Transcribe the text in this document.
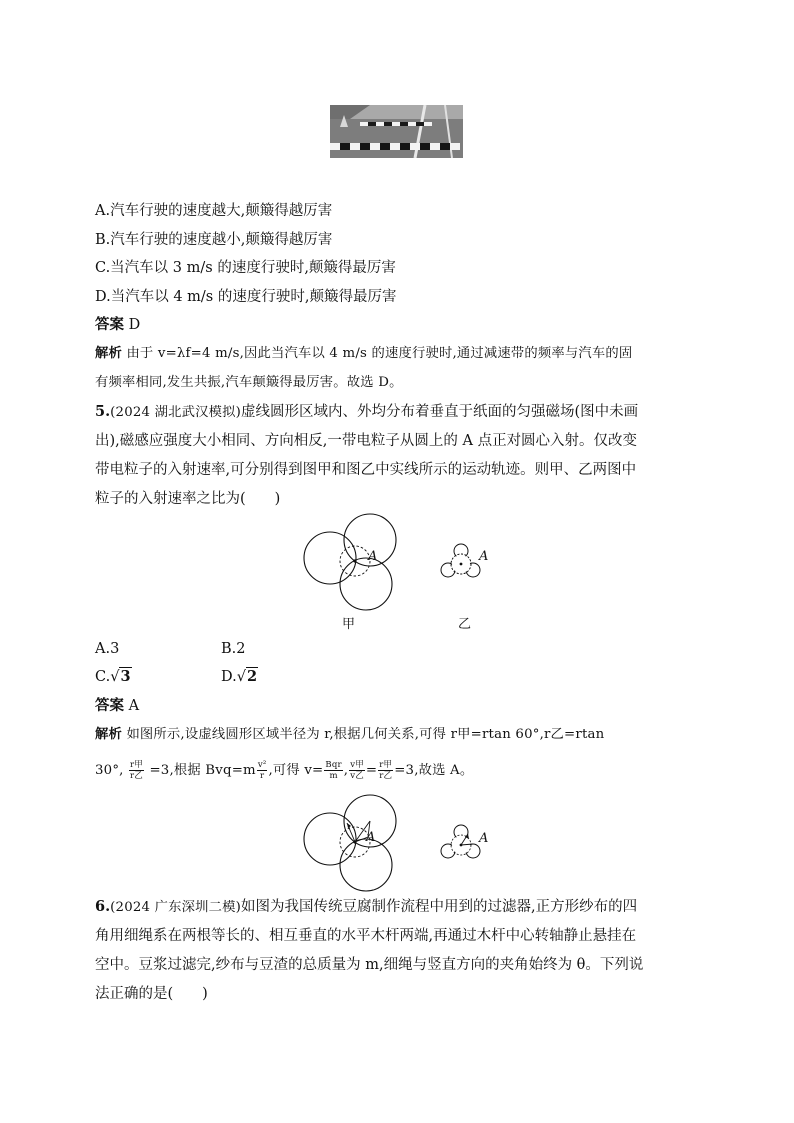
A.汽车行驶的速度越大,颠簸得越厉害
B.汽车行驶的速度越小,颠簸得越厉害
C.当汽车以 3 m/s 的速度行驶时,颠簸得最厉害
D.当汽车以 4 m/s 的速度行驶时,颠簸得最厉害
答案 D
解析 由于 v=λf=4 m/s,因此当汽车以 4 m/s 的速度行驶时,通过减速带的频率与汽车的固
有频率相同,发生共振,汽车颠簸得最厉害。故选 D。
5.(2024 湖北武汉模拟)虚线圆形区域内、外均分布着垂直于纸面的匀强磁场(图中未画
出),磁感应强度大小相同、方向相反,一带电粒子从圆上的 A 点正对圆心入射。仅改变
带电粒子的入射速率,可分别得到图甲和图乙中实线所示的运动轨迹。则甲、乙两图中
粒子的入射速率之比为(　　)
A	A
甲	乙
A.3	B.2
C.√3	D.√2
答案 A
解析 如图所示,设虚线圆形区域半径为 r,根据几何关系,可得 r甲=rtan 60°,r乙=rtan
30°, $\frac{\text{r甲}}{\text{r乙}} =3$,根据 $Bvq=m \frac{\text{v²}}{r}$ ,可得 $v= \frac{\text{Bqr}}{m}$ , $\frac{\text{v甲}}{\text{v乙}} = \frac{\text{r甲}}{\text{r乙}} =3$,故选 A。
A	A
6.(2024 广东深圳二模)如图为我国传统豆腐制作流程中用到的过滤器,正方形纱布的四
角用细绳系在两根等长的、相互垂直的水平木杆两端,再通过木杆中心转轴静止悬挂在
空中。豆浆过滤完,纱布与豆渣的总质量为 m,细绳与竖直方向的夹角始终为 θ。下列说
法正确的是(　　)
